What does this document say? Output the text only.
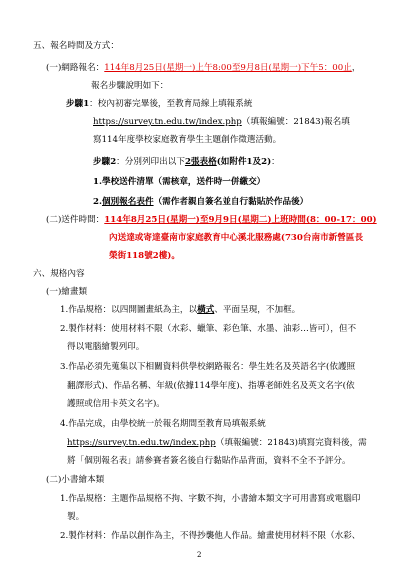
五、報名時間及方式：
(一)網路報名：114年8月25日(星期一)上午8:00至9月8日(星期一)下午5：00止，
報名步驟說明如下：
步驟1：校內初審完畢後，至教育局線上填報系統
https://survey.tn.edu.tw/index.php（填報編號：21843)報名填
寫114年度學校家庭教育學生主題創作徵選活動。
步驟2：分別列印出以下2張表格(如附件1及2)：
1.學校送件清單（需核章，送件時一併繳交）
2.個別報名表件（需作者親自簽名並自行黏貼於作品後）
(二)送件時間：114年8月25日(星期一)至9月9日(星期二)上班時間(8：00-17：00)
內送達或寄達臺南市家庭教育中心溪北服務處(730台南市新營區長
榮街118號2樓)。
六、規格內容
(一)繪畫類
1.作品規格：以四開圖畫紙為主，以橫式、平面呈現，不加框。
2.製作材料：使用材料不限（水彩、蠟筆、彩色筆、水墨、油彩…皆可），但不
得以電腦繪製列印。
3.作品必須先蒐集以下相關資料供學校網路報名：學生姓名及英語名字(依護照
翻譯形式)、作品名稱、年級(依據114學年度)、指導老師姓名及英文名字(依
護照或信用卡英文名字)。
4.作品完成，由學校統一於報名期間至教育局填報系統
https://survey.tn.edu.tw/index.php（填報編號：21843)填寫完資料後，需
將「個別報名表」請參賽者簽名後自行黏貼作品背面，資料不全不予評分。
(二)小書繪本類
1.作品規格：主題作品規格不拘、字數不拘，小書繪本類文字可用書寫或電腦印
製。
2.製作材料：作品以創作為主，不得抄襲他人作品。繪畫使用材料不限（水彩、
2
